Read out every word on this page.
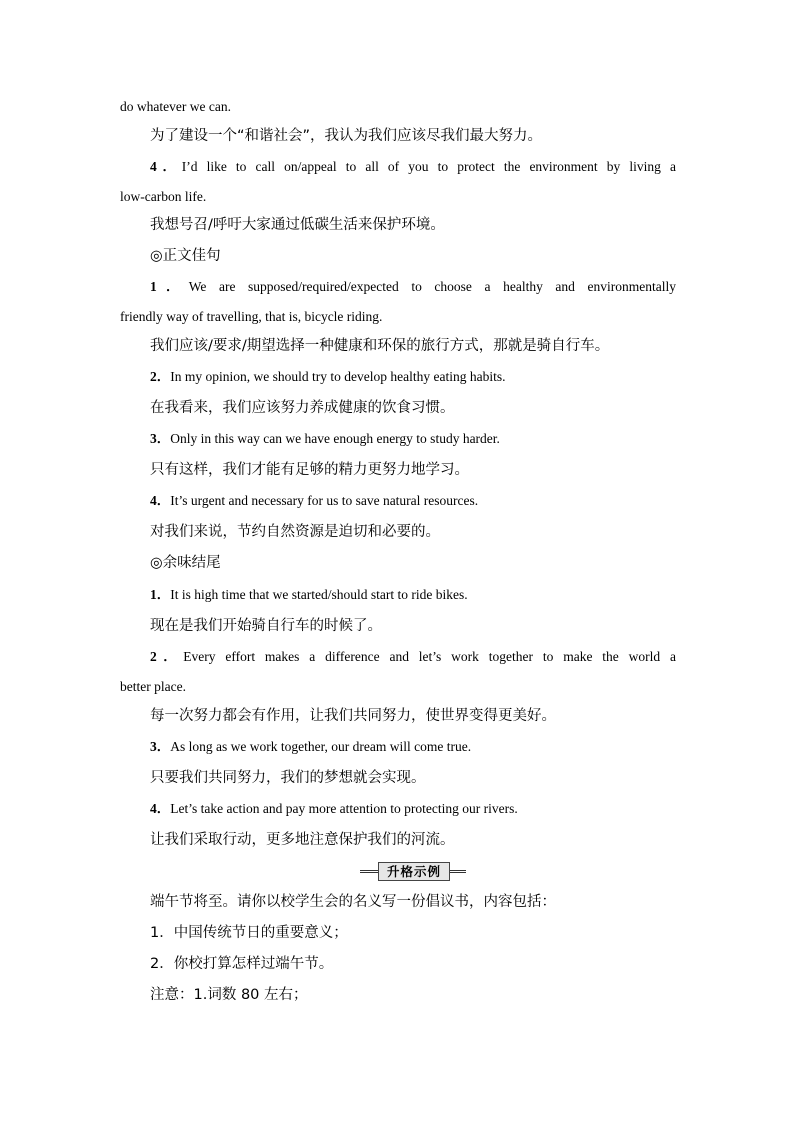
do whatever we can.
为了建设一个“和谐社会”，我认为我们应该尽我们最大努力。
4．I’d like to call on/appeal to all of you to protect the environment by living a
low-carbon life.
我想号召/呼吁大家通过低碳生活来保护环境。
◎正文佳句
1．We are supposed/required/expected to choose a healthy and environmentally
friendly way of travelling, that is, bicycle riding.
我们应该/要求/期望选择一种健康和环保的旅行方式，那就是骑自行车。
2．In my opinion, we should try to develop healthy eating habits.
在我看来，我们应该努力养成健康的饮食习惯。
3．Only in this way can we have enough energy to study harder.
只有这样，我们才能有足够的精力更努力地学习。
4．It’s urgent and necessary for us to save natural resources.
对我们来说，节约自然资源是迫切和必要的。
◎余味结尾
1．It is high time that we started/should start to ride bikes.
现在是我们开始骑自行车的时候了。
2．Every effort makes a difference and let’s work together to make the world a
better place.
每一次努力都会有作用，让我们共同努力，使世界变得更美好。
3．As long as we work together, our dream will come true.
只要我们共同努力，我们的梦想就会实现。
4．Let’s take action and pay more attention to protecting our rivers.
让我们采取行动，更多地注意保护我们的河流。
升格示例
端午节将至。请你以校学生会的名义写一份倡议书，内容包括：
1．中国传统节日的重要意义；
2．你校打算怎样过端午节。
注意：1.词数 80 左右；
